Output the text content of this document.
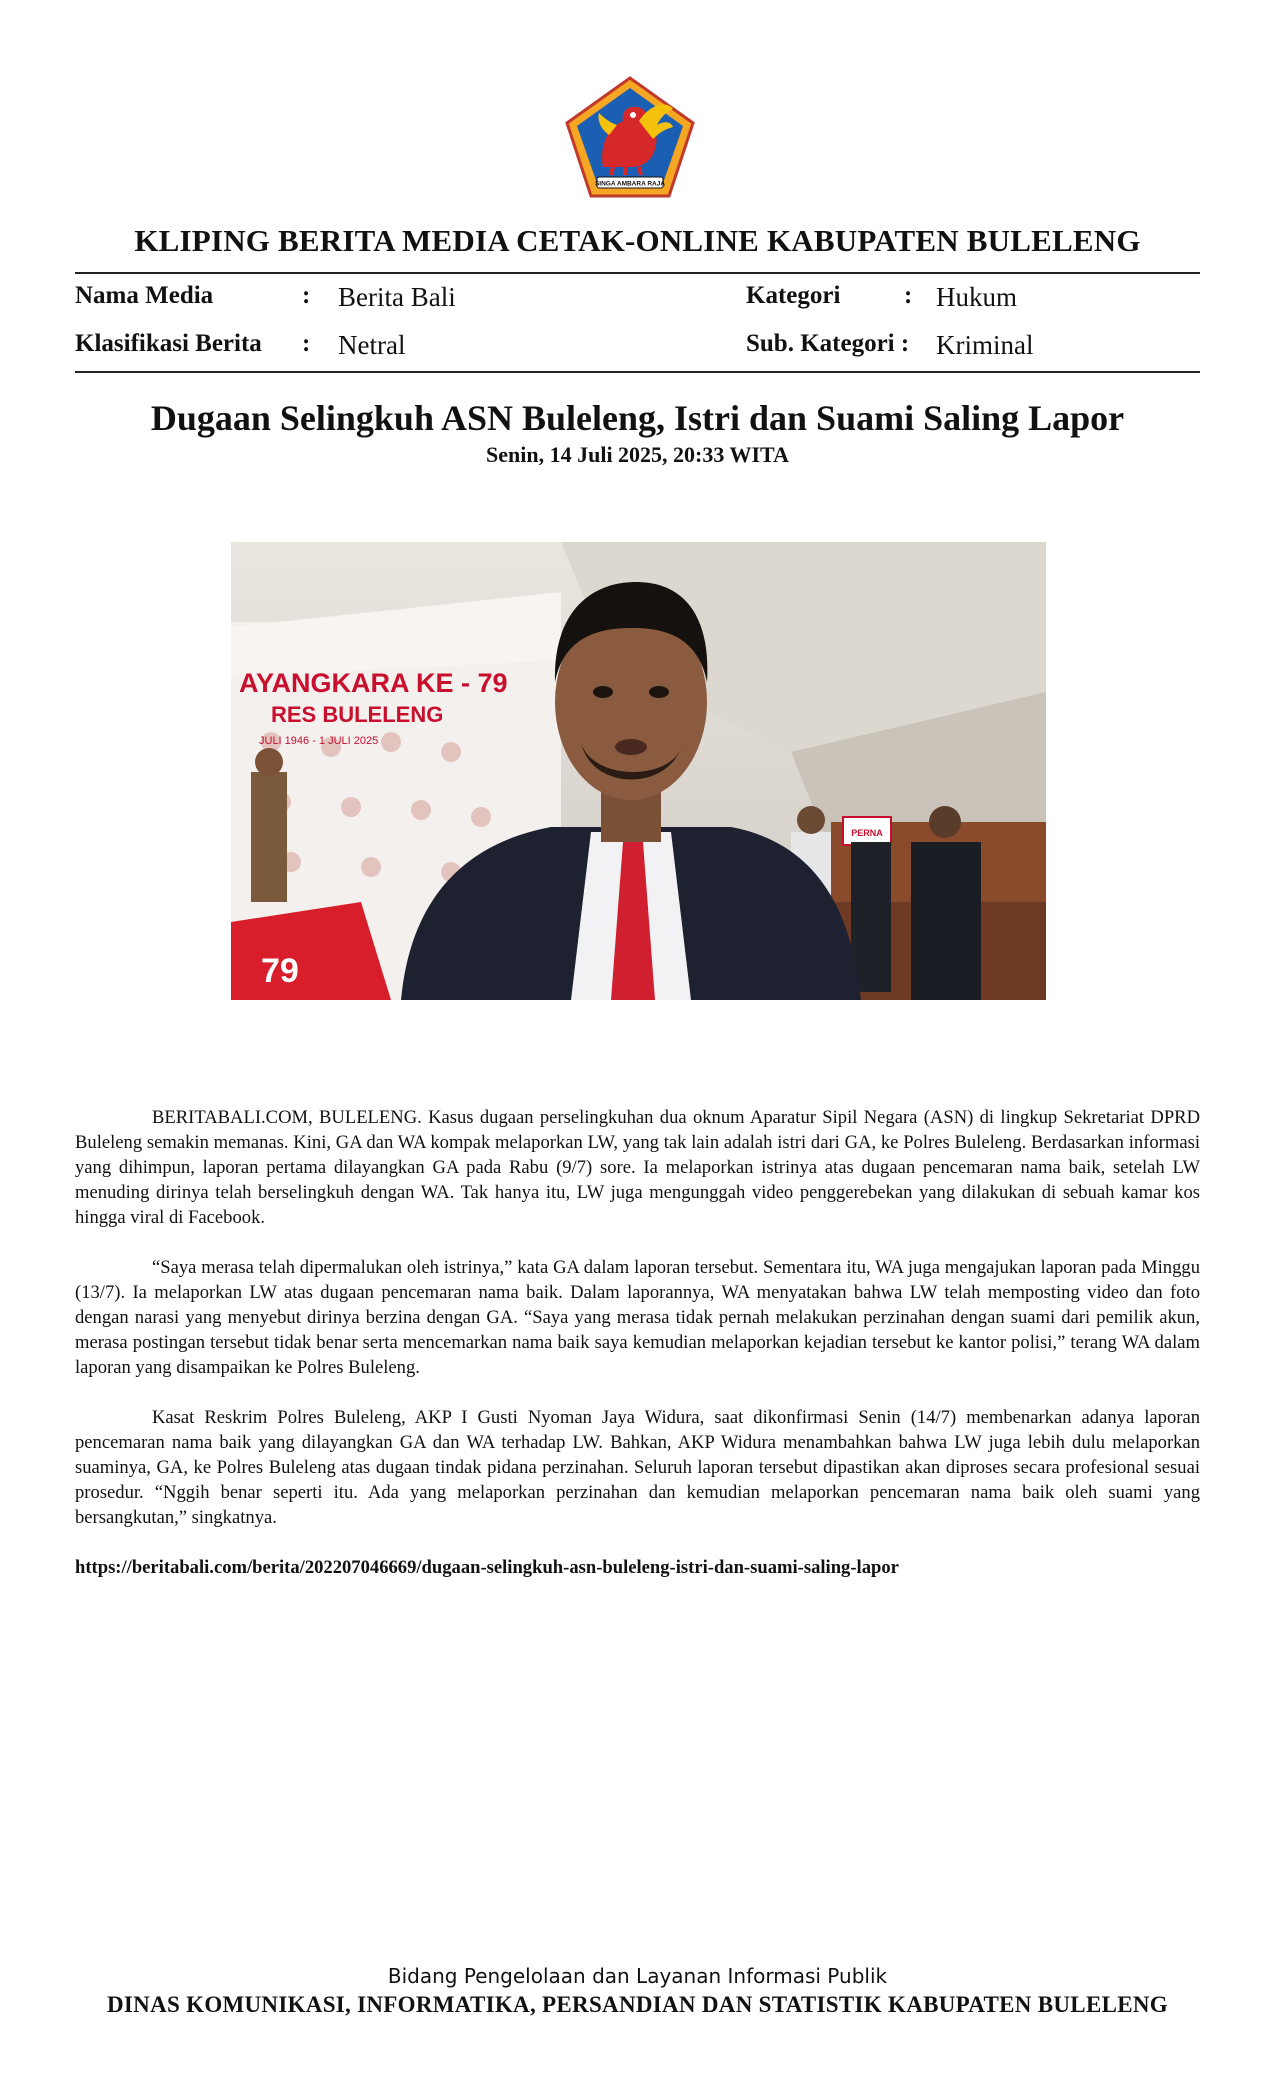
SINGA AMBARA RAJA
KLIPING BERITA MEDIA CETAK-ONLINE KABUPATEN BULELENG
Nama Media	: Berita Bali	Kategori	: Hukum
Klasifikasi Berita : Netral	Sub. Kategori : Kriminal
Dugaan Selingkuh ASN Buleleng, Istri dan Suami Saling Lapor
Senin, 14 Juli 2025, 20:33 WITA
AYANGKARA KE - 79
RES BULELENG
JULI 1946 - 1 JULI 2025
79
PERNA

BERITABALI.COM, BULELENG. Kasus dugaan perselingkuhan dua oknum Aparatur Sipil Negara (ASN) di lingkup Sekretariat DPRD Buleleng semakin memanas. Kini, GA dan WA kompak melaporkan LW, yang tak lain adalah istri dari GA, ke Polres Buleleng. Berdasarkan informasi yang dihimpun, laporan pertama dilayangkan GA pada Rabu (9/7) sore. Ia melaporkan istrinya atas dugaan pencemaran nama baik, setelah LW menuding dirinya telah berselingkuh dengan WA. Tak hanya itu, LW juga mengunggah video penggerebekan yang dilakukan di sebuah kamar kos hingga viral di Facebook.

“Saya merasa telah dipermalukan oleh istrinya,” kata GA dalam laporan tersebut. Sementara itu, WA juga mengajukan laporan pada Minggu (13/7). Ia melaporkan LW atas dugaan pencemaran nama baik. Dalam laporannya, WA menyatakan bahwa LW telah memposting video dan foto dengan narasi yang menyebut dirinya berzina dengan GA. “Saya yang merasa tidak pernah melakukan perzinahan dengan suami dari pemilik akun, merasa postingan tersebut tidak benar serta mencemarkan nama baik saya kemudian melaporkan kejadian tersebut ke kantor polisi,” terang WA dalam laporan yang disampaikan ke Polres Buleleng.

Kasat Reskrim Polres Buleleng, AKP I Gusti Nyoman Jaya Widura, saat dikonfirmasi Senin (14/7) membenarkan adanya laporan pencemaran nama baik yang dilayangkan GA dan WA terhadap LW. Bahkan, AKP Widura menambahkan bahwa LW juga lebih dulu melaporkan suaminya, GA, ke Polres Buleleng atas dugaan tindak pidana perzinahan. Seluruh laporan tersebut dipastikan akan diproses secara profesional sesuai prosedur. “Nggih benar seperti itu. Ada yang melaporkan perzinahan dan kemudian melaporkan pencemaran nama baik oleh suami yang bersangkutan,” singkatnya.

https://beritabali.com/berita/202207046669/dugaan-selingkuh-asn-buleleng-istri-dan-suami-saling-lapor
Bidang Pengelolaan dan Layanan Informasi Publik
DINAS KOMUNIKASI, INFORMATIKA, PERSANDIAN DAN STATISTIK KABUPATEN BULELENG
